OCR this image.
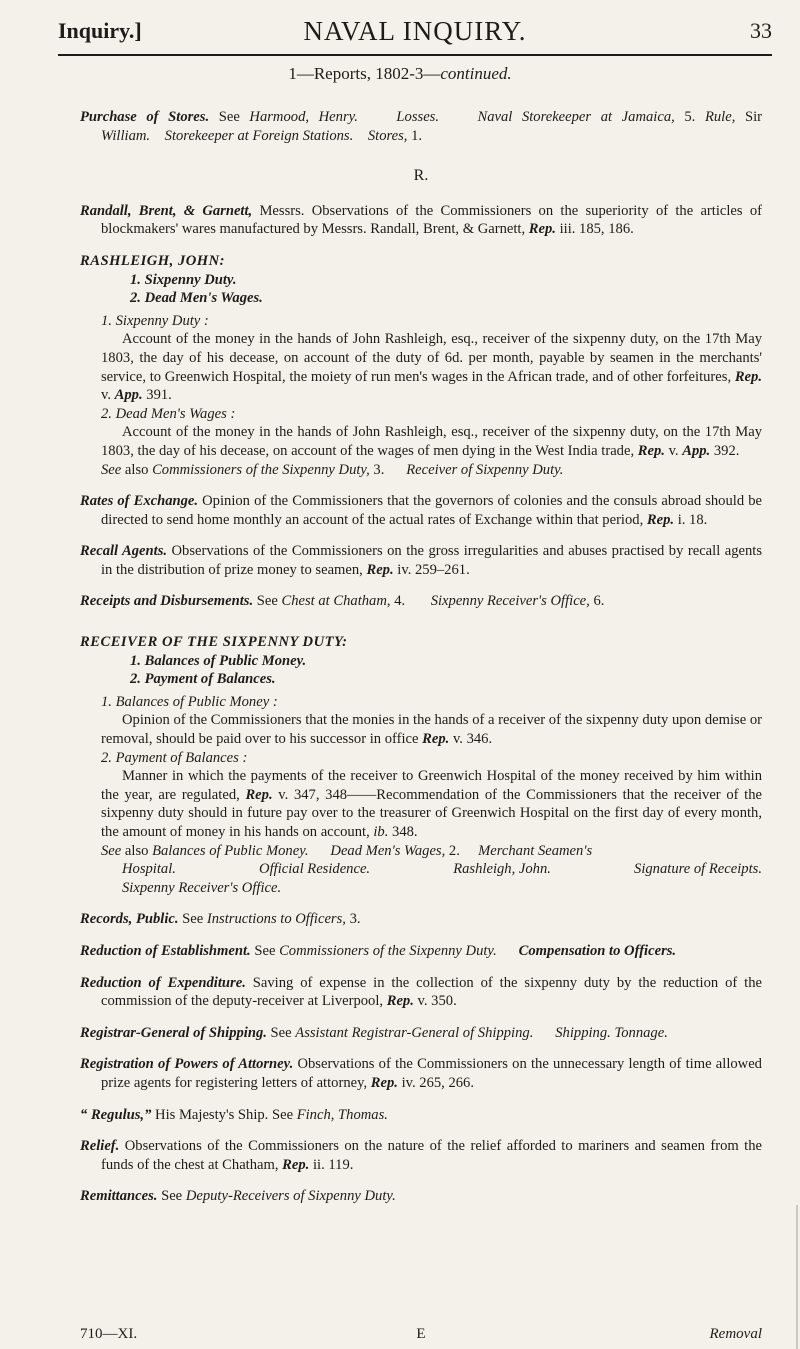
Inquiry.]	NAVAL INQUIRY.	33
1—Reports, 1802-3—continued.

Purchase of Stores. See Harmood, Henry.	Losses.	Naval Storekeeper at Jamaica, 5. Rule, Sir William. Storekeeper at Foreign Stations. Stores, 1.

R.

Randall, Brent, & Garnett, Messrs. Observations of the Commissioners on the superiority of the articles of blockmakers' wares manufactured by Messrs. Randall, Brent, & Garnett, Rep. iii. 185, 186.

RASHLEIGH, JOHN:

1. Sixpenny Duty.

2. Dead Men's Wages.

1. Sixpenny Duty :

Account of the money in the hands of John Rashleigh, esq., receiver of the sixpenny duty, on the 17th May 1803, the day of his decease, on account of the duty of 6d. per month, payable by seamen in the merchants' service, to Greenwich Hospital, the moiety of run men's wages in the African trade, and of other forfeitures, Rep. v. App. 391.

2. Dead Men's Wages :

Account of the money in the hands of John Rashleigh, esq., receiver of the sixpenny duty, on the 17th May 1803, the day of his decease, on account of the wages of men dying in the West India trade, Rep. v. App. 392.

See also Commissioners of the Sixpenny Duty, 3. Receiver of Sixpenny Duty.

Rates of Exchange. Opinion of the Commissioners that the governors of colonies and the consuls abroad should be directed to send home monthly an account of the actual rates of Exchange within that period, Rep. i. 18.

Recall Agents. Observations of the Commissioners on the gross irregularities and abuses practised by recall agents in the distribution of prize money to seamen, Rep. iv. 259–261.

Receipts and Disbursements. See Chest at Chatham, 4. Sixpenny Receiver's Office, 6.

RECEIVER OF THE SIXPENNY DUTY:

1. Balances of Public Money.

2. Payment of Balances.

1. Balances of Public Money :

Opinion of the Commissioners that the monies in the hands of a receiver of the sixpenny duty upon demise or removal, should be paid over to his successor in office Rep. v. 346.

2. Payment of Balances :

Manner in which the payments of the receiver to Greenwich Hospital of the money received by him within the year, are regulated, Rep. v. 347, 348——Recommendation of the Commissioners that the receiver of the sixpenny duty should in future pay over to the treasurer of Greenwich Hospital on the first day of every month, the amount of money in his hands on account, ib. 348.

See also Balances of Public Money. Dead Men's Wages, 2. Merchant Seamen's

Hospital.	Official Residence.	Rashleigh, John.	Signature of Receipts.

Sixpenny Receiver's Office.

Records, Public. See Instructions to Officers, 3.

Reduction of Establishment. See Commissioners of the Sixpenny Duty. Compensation to Officers.

Reduction of Expenditure. Saving of expense in the collection of the sixpenny duty by the reduction of the commission of the deputy-receiver at Liverpool, Rep. v. 350.

Registrar-General of Shipping. See Assistant Registrar-General of Shipping. Shipping. Tonnage.

Registration of Powers of Attorney. Observations of the Commissioners on the unnecessary length of time allowed prize agents for registering letters of attorney, Rep. iv. 265, 266.

“ Regulus,” His Majesty's Ship. See Finch, Thomas.

Relief. Observations of the Commissioners on the nature of the relief afforded to mariners and seamen from the funds of the chest at Chatham, Rep. ii. 119.

Remittances. See Deputy-Receivers of Sixpenny Duty.

710—XI.	E	Removal
